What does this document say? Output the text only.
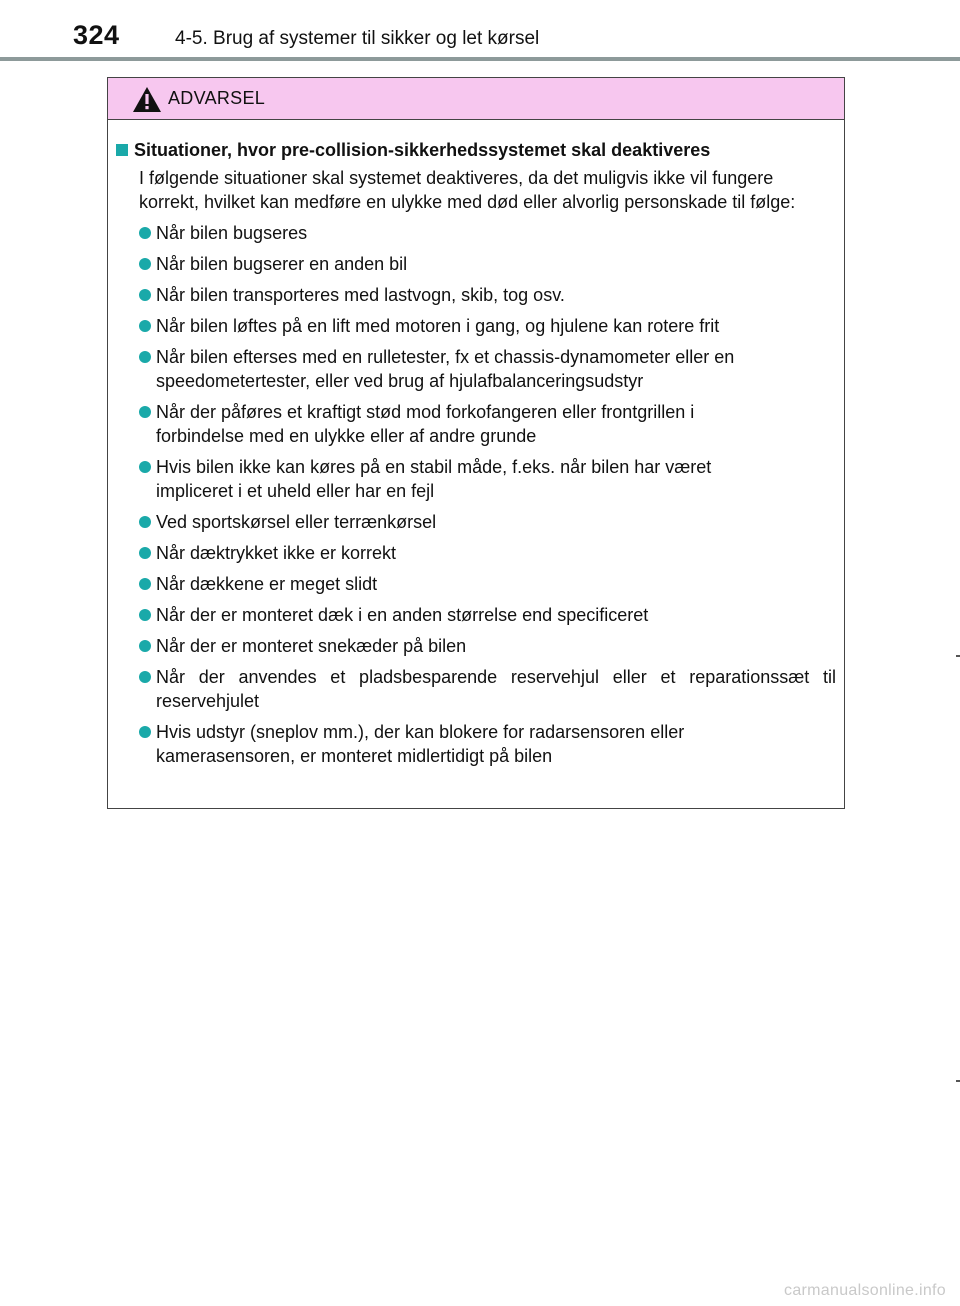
324	4-5. Brug af systemer til sikker og let kørsel
ADVARSEL
Situationer, hvor pre-collision-sikkerhedssystemet skal deaktiveres

I følgende situationer skal systemet deaktiveres, da det muligvis ikke vil fungere korrekt, hvilket kan medføre en ulykke med død eller alvorlig personskade til følge:

Når bilen bugseres
Når bilen bugserer en anden bil
Når bilen transporteres med lastvogn, skib, tog osv.
Når bilen løftes på en lift med motoren i gang, og hjulene kan rotere frit
Når bilen efterses med en rulletester, fx et chassis-dynamometer eller en speedometertester, eller ved brug af hjulafbalanceringsudstyr
Når der påføres et kraftigt stød mod forkofangeren eller frontgrillen i forbindelse med en ulykke eller af andre grunde
Hvis bilen ikke kan køres på en stabil måde, f.eks. når bilen har været impliceret i et uheld eller har en fejl
Ved sportskørsel eller terrænkørsel
Når dæktrykket ikke er korrekt
Når dækkene er meget slidt
Når der er monteret dæk i en anden størrelse end specificeret
Når der er monteret snekæder på bilen
Når der anvendes et pladsbesparende reservehjul eller et reparationssæt til reservehjulet
Hvis udstyr (sneplov mm.), der kan blokere for radarsensoren eller kamerasensoren, er monteret midlertidigt på bilen
carmanualsonline.info
